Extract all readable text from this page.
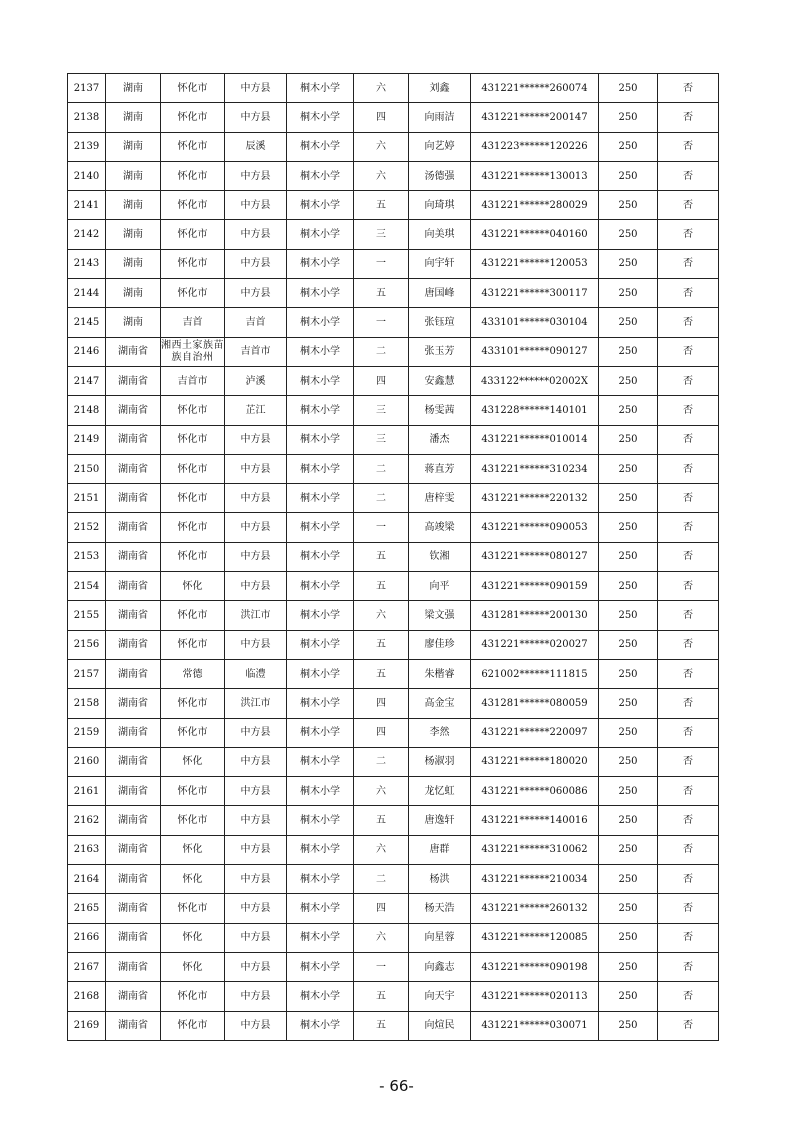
2137	湖南	怀化市	中方县	桐木小学	六	刘鑫	431221******260074	250	否
2138	湖南	怀化市	中方县	桐木小学	四	向雨洁	431221******200147	250	否
2139	湖南	怀化市	辰溪	桐木小学	六	向艺婷	431223******120226	250	否
2140	湖南	怀化市	中方县	桐木小学	六	汤德强	431221******130013	250	否
2141	湖南	怀化市	中方县	桐木小学	五	向琦琪	431221******280029	250	否
2142	湖南	怀化市	中方县	桐木小学	三	向美琪	431221******040160	250	否
2143	湖南	怀化市	中方县	桐木小学	一	向宇轩	431221******120053	250	否
2144	湖南	怀化市	中方县	桐木小学	五	唐国峰	431221******300117	250	否
2145	湖南	吉首	吉首	桐木小学	一	张钰瑄	433101******030104	250	否
2146	湖南省	湘西土家族苗族自治州	吉首市	桐木小学	二	张玉芳	433101******090127	250	否
2147	湖南省	吉首市	泸溪	桐木小学	四	安鑫慧	433122******02002X	250	否
2148	湖南省	怀化市	芷江	桐木小学	三	杨雯茜	431228******140101	250	否
2149	湖南省	怀化市	中方县	桐木小学	三	潘杰	431221******010014	250	否
2150	湖南省	怀化市	中方县	桐木小学	二	蒋直芳	431221******310234	250	否
2151	湖南省	怀化市	中方县	桐木小学	二	唐梓雯	431221******220132	250	否
2152	湖南省	怀化市	中方县	桐木小学	一	高竣梁	431221******090053	250	否
2153	湖南省	怀化市	中方县	桐木小学	五	钦湘	431221******080127	250	否
2154	湖南省	怀化	中方县	桐木小学	五	向平	431221******090159	250	否
2155	湖南省	怀化市	洪江市	桐木小学	六	梁文强	431281******200130	250	否
2156	湖南省	怀化市	中方县	桐木小学	五	廖佳珍	431221******020027	250	否
2157	湖南省	常德	临澧	桐木小学	五	朱楷睿	621002******111815	250	否
2158	湖南省	怀化市	洪江市	桐木小学	四	高金宝	431281******080059	250	否
2159	湖南省	怀化市	中方县	桐木小学	四	李然	431221******220097	250	否
2160	湖南省	怀化	中方县	桐木小学	二	杨淑羽	431221******180020	250	否
2161	湖南省	怀化市	中方县	桐木小学	六	龙忆虹	431221******060086	250	否
2162	湖南省	怀化市	中方县	桐木小学	五	唐逸轩	431221******140016	250	否
2163	湖南省	怀化	中方县	桐木小学	六	唐群	431221******310062	250	否
2164	湖南省	怀化	中方县	桐木小学	二	杨洪	431221******210034	250	否
2165	湖南省	怀化市	中方县	桐木小学	四	杨天浩	431221******260132	250	否
2166	湖南省	怀化	中方县	桐木小学	六	向星蓉	431221******120085	250	否
2167	湖南省	怀化	中方县	桐木小学	一	向鑫志	431221******090198	250	否
2168	湖南省	怀化市	中方县	桐木小学	五	向天宇	431221******020113	250	否
2169	湖南省	怀化市	中方县	桐木小学	五	向煊民	431221******030071	250	否
- 66-
